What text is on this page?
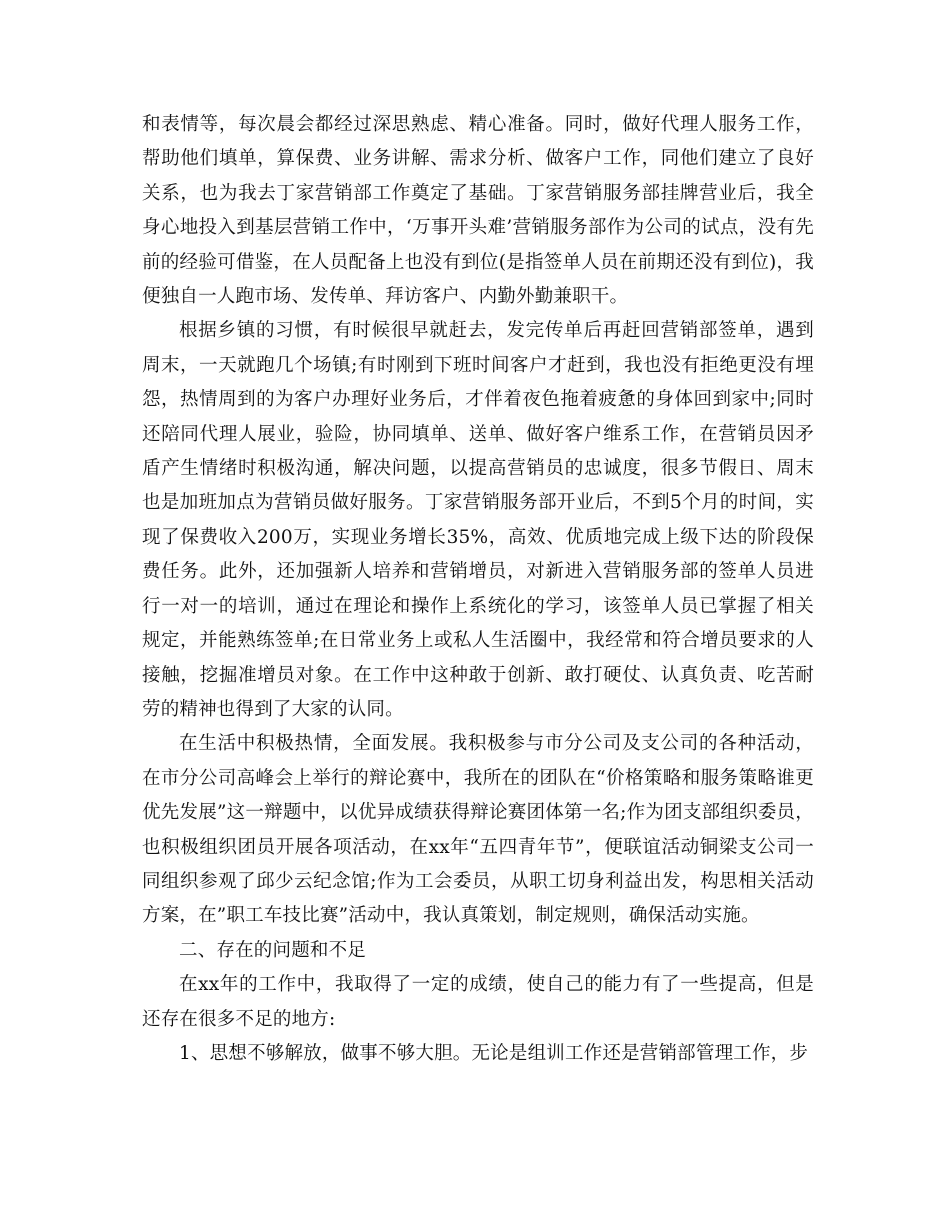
和表情等，每次晨会都经过深思熟虑、精心准备。同时，做好代理人服务工作，帮助他们填单，算保费、业务讲解、需求分析、做客户工作，同他们建立了良好关系，也为我去丁家营销部工作奠定了基础。丁家营销服务部挂牌营业后，我全身心地投入到基层营销工作中，‘万事开头难’营销服务部作为公司的试点，没有先前的经验可借鉴，在人员配备上也没有到位(是指签单人员在前期还没有到位)，我便独自一人跑市场、发传单、拜访客户、内勤外勤兼职干。

根据乡镇的习惯，有时候很早就赶去，发完传单后再赶回营销部签单，遇到周末，一天就跑几个场镇;有时刚到下班时间客户才赶到，我也没有拒绝更没有埋怨，热情周到的为客户办理好业务后，才伴着夜色拖着疲惫的身体回到家中;同时还陪同代理人展业，验险，协同填单、送单、做好客户维系工作，在营销员因矛盾产生情绪时积极沟通，解决问题，以提高营销员的忠诚度，很多节假日、周末也是加班加点为营销员做好服务。丁家营销服务部开业后，不到5个月的时间，实现了保费收入200万，实现业务增长35%，高效、优质地完成上级下达的阶段保费任务。此外，还加强新人培养和营销增员，对新进入营销服务部的签单人员进行一对一的培训，通过在理论和操作上系统化的学习，该签单人员已掌握了相关规定，并能熟练签单;在日常业务上或私人生活圈中，我经常和符合增员要求的人接触，挖掘准增员对象。在工作中这种敢于创新、敢打硬仗、认真负责、吃苦耐劳的精神也得到了大家的认同。

在生活中积极热情，全面发展。我积极参与市分公司及支公司的各种活动，在市分公司高峰会上举行的辩论赛中，我所在的团队在“价格策略和服务策略谁更优先发展”这一辩题中，以优异成绩获得辩论赛团体第一名;作为团支部组织委员，也积极组织团员开展各项活动，在xx年“五四青年节”，便联谊活动铜梁支公司一同组织参观了邱少云纪念馆;作为工会委员，从职工切身利益出发，构思相关活动方案，在”职工车技比赛”活动中，我认真策划，制定规则，确保活动实施。

二、存在的问题和不足

在xx年的工作中，我取得了一定的成绩，使自己的能力有了一些提高，但是还存在很多不足的地方:

1、思想不够解放，做事不够大胆。无论是组训工作还是营销部管理工作，步
